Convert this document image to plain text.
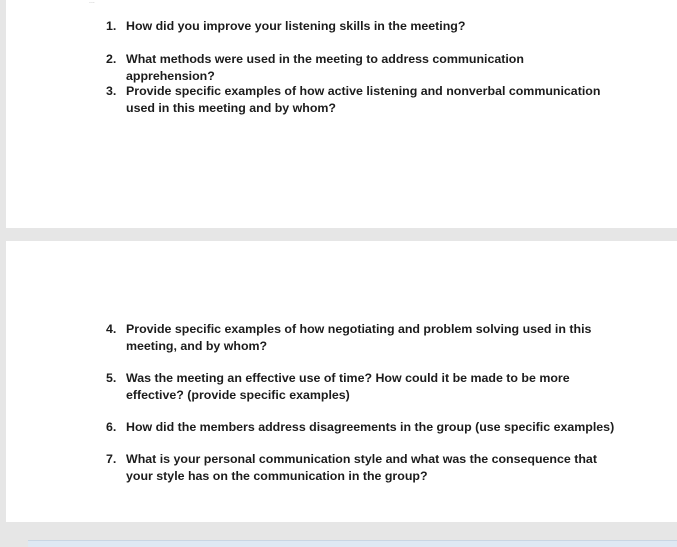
...
1. How did you improve your listening skills in the meeting?
2. What methods were used in the meeting to address communication apprehension?
3. Provide specific examples of how active listening and nonverbal communication used in this meeting and by whom?
4. Provide specific examples of how negotiating and problem solving used in this meeting, and by whom?
5. Was the meeting an effective use of time? How could it be made to be more effective? (provide specific examples)
6. How did the members address disagreements in the group (use specific examples)
7. What is your personal communication style and what was the consequence that your style has on the communication in the group?
